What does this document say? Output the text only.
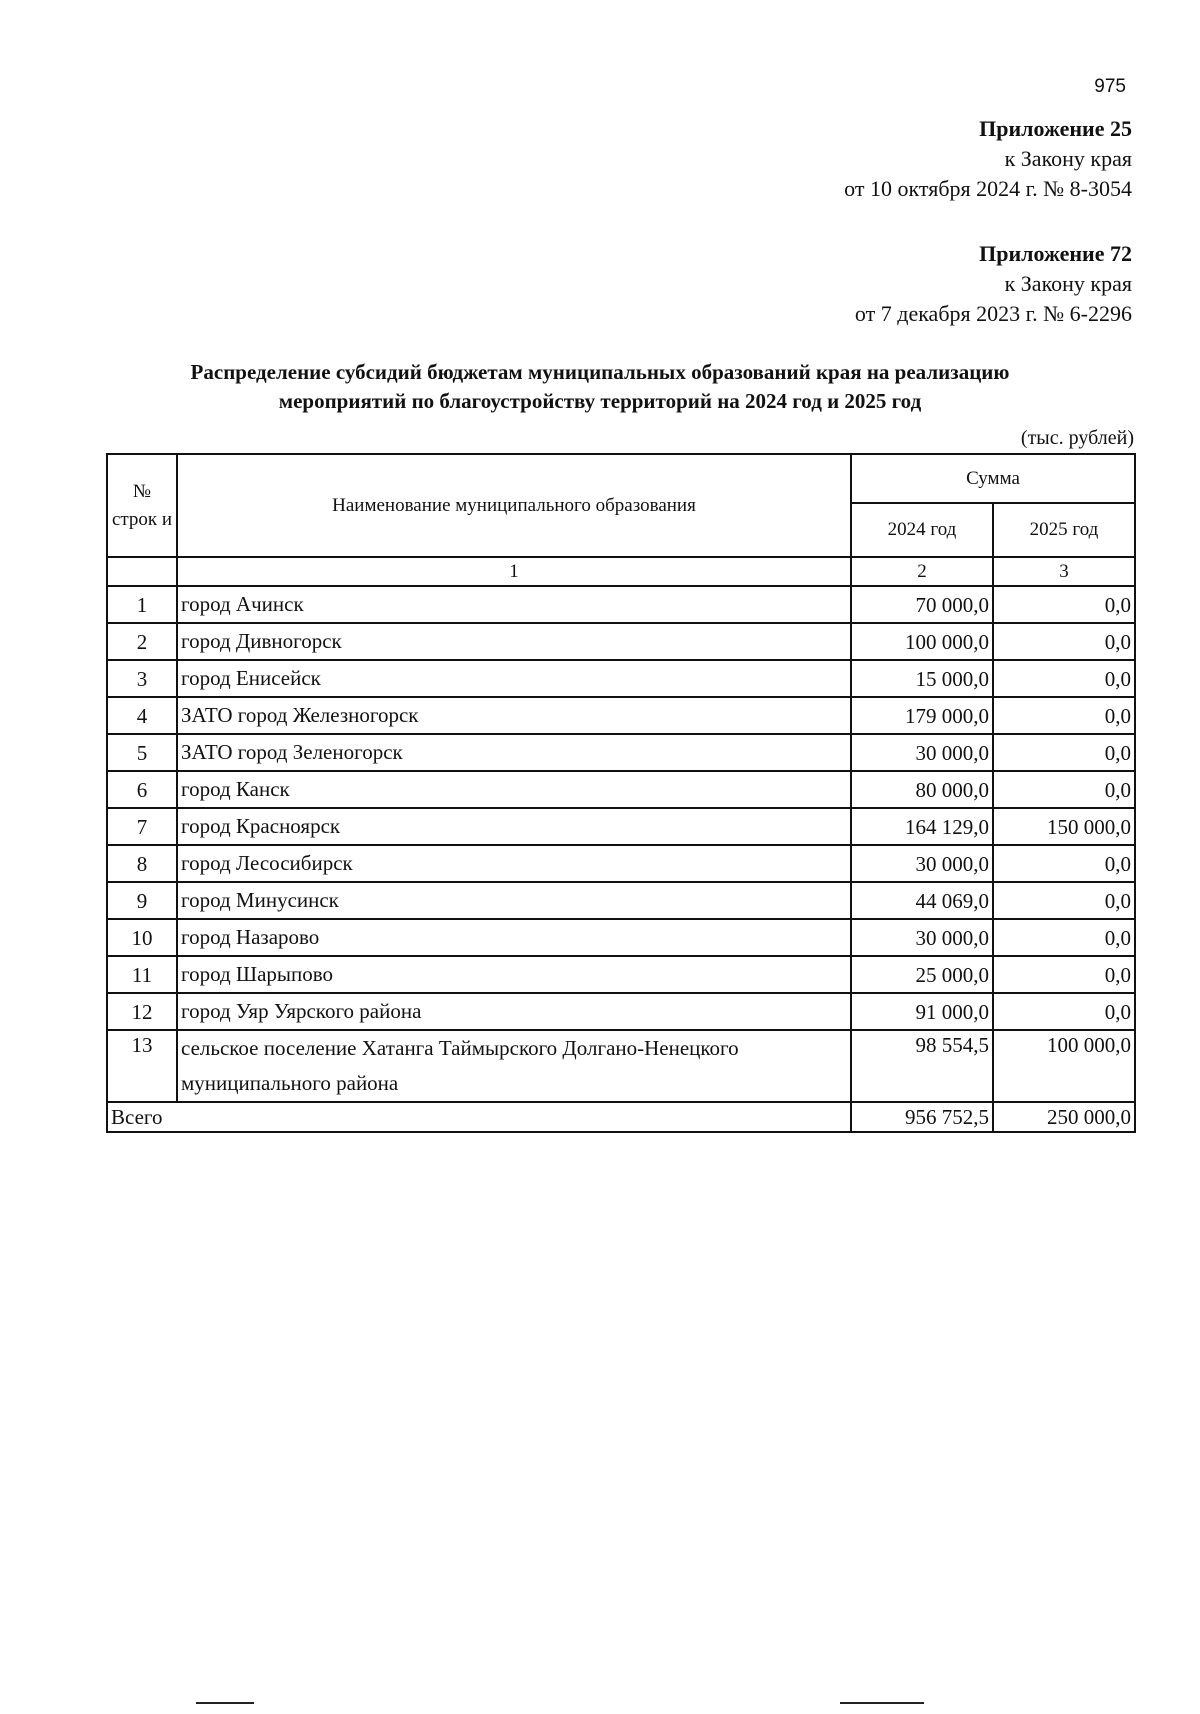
975
Приложение 25
к Закону края
от 10 октября 2024 г. № 8-3054
Приложение 72
к Закону края
от 7 декабря 2023 г. № 6-2296
Распределение субсидий бюджетам муниципальных образований края на реализацию
мероприятий по благоустройству территорий на 2024 год и 2025 год
(тыс. рублей)
№ строк и	Наименование муниципального образования	Сумма	
		2024 год	2025 год
	1	2	3
1	город Ачинск	70 000,0	0,0
2	город Дивногорск	100 000,0	0,0
3	город Енисейск	15 000,0	0,0
4	ЗАТО город Железногорск	179 000,0	0,0
5	ЗАТО город Зеленогорск	30 000,0	0,0
6	город Канск	80 000,0	0,0
7	город Красноярск	164 129,0	150 000,0
8	город Лесосибирск	30 000,0	0,0
9	город Минусинск	44 069,0	0,0
10	город Назарово	30 000,0	0,0
11	город Шарыпово	25 000,0	0,0
12	город Уяр Уярского района	91 000,0	0,0
13	сельское поселение Хатанга Таймырского Долгано-Ненецкого муниципального района	98 554,5	100 000,0
Всего		956 752,5	250 000,0
